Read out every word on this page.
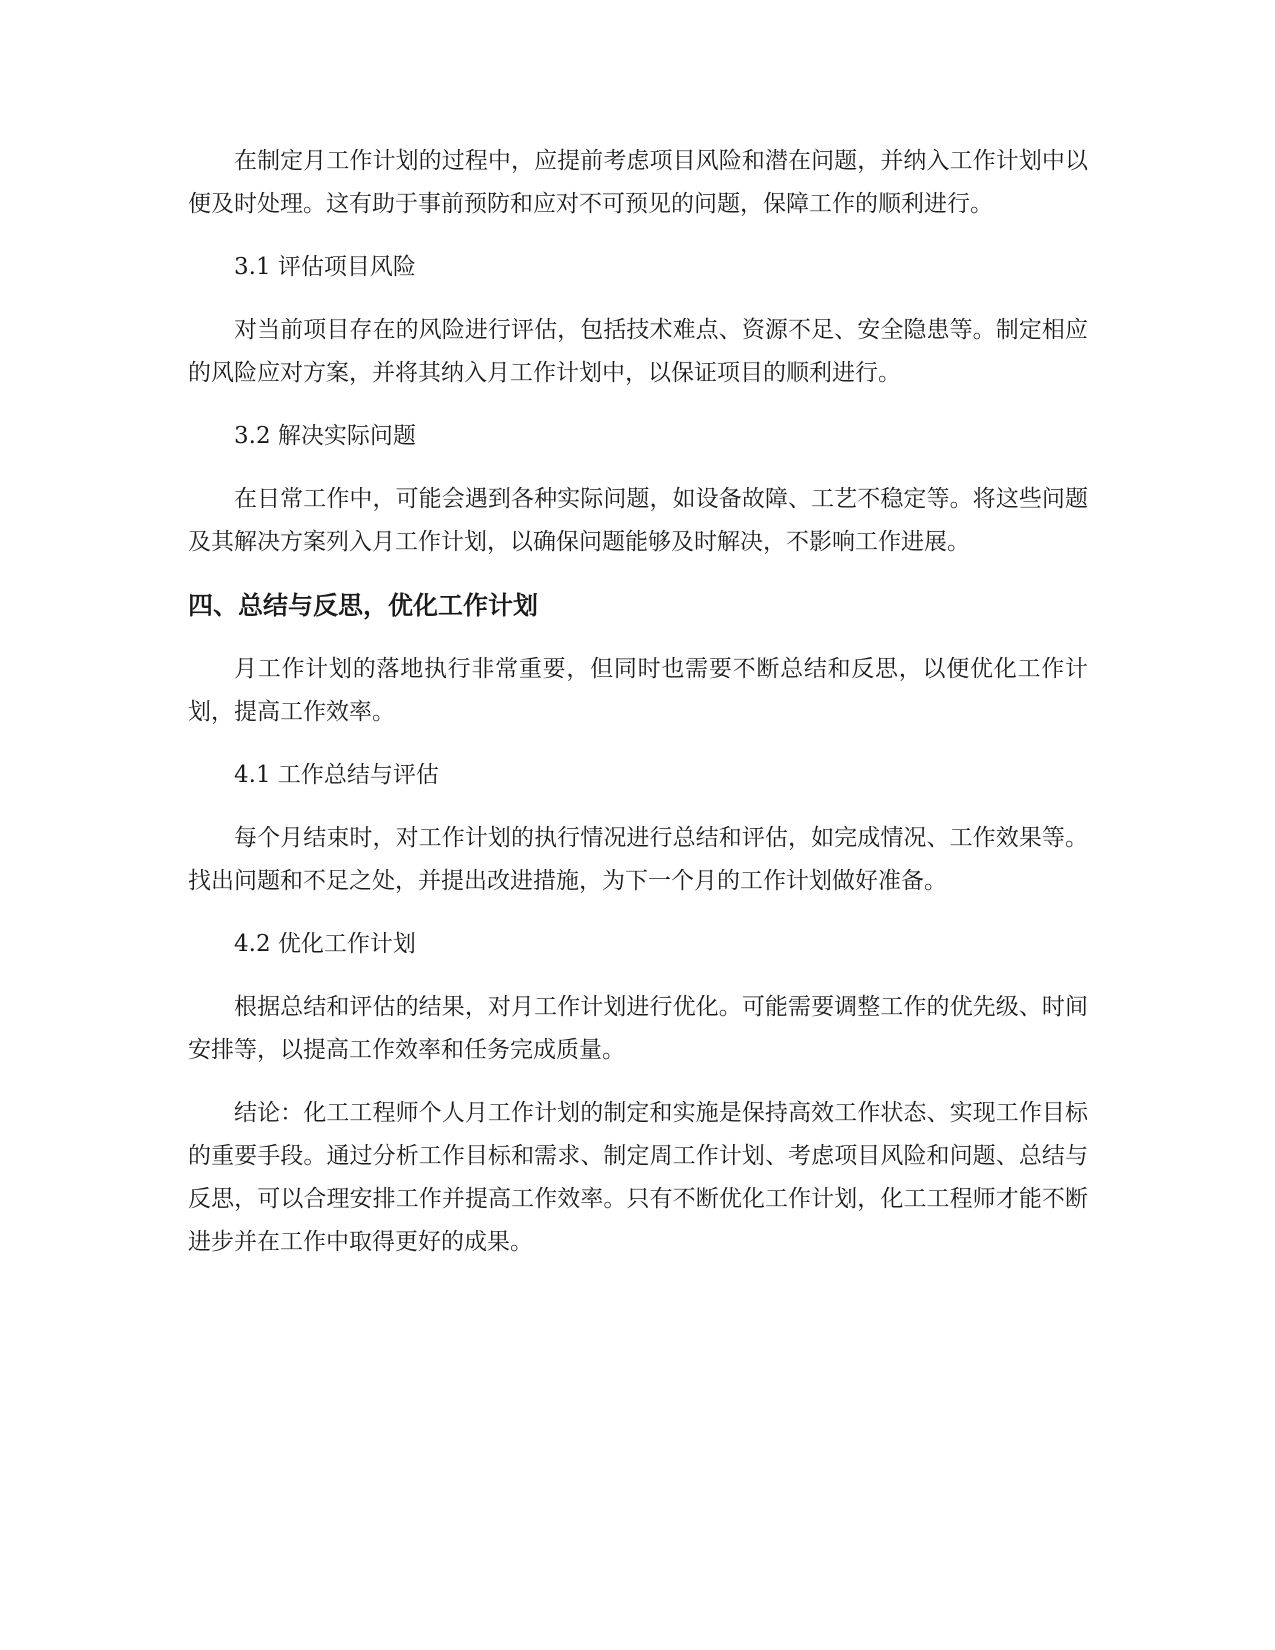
在制定月工作计划的过程中，应提前考虑项目风险和潜在问题，并纳入工作计划中以便及时处理。这有助于事前预防和应对不可预见的问题，保障工作的顺利进行。

3.1 评估项目风险

对当前项目存在的风险进行评估，包括技术难点、资源不足、安全隐患等。制定相应的风险应对方案，并将其纳入月工作计划中，以保证项目的顺利进行。

3.2 解决实际问题

在日常工作中，可能会遇到各种实际问题，如设备故障、工艺不稳定等。将这些问题及其解决方案列入月工作计划，以确保问题能够及时解决，不影响工作进展。

四、总结与反思，优化工作计划

月工作计划的落地执行非常重要，但同时也需要不断总结和反思，以便优化工作计划，提高工作效率。

4.1 工作总结与评估

每个月结束时，对工作计划的执行情况进行总结和评估，如完成情况、工作效果等。找出问题和不足之处，并提出改进措施，为下一个月的工作计划做好准备。

4.2 优化工作计划

根据总结和评估的结果，对月工作计划进行优化。可能需要调整工作的优先级、时间安排等，以提高工作效率和任务完成质量。

结论：化工工程师个人月工作计划的制定和实施是保持高效工作状态、实现工作目标的重要手段。通过分析工作目标和需求、制定周工作计划、考虑项目风险和问题、总结与反思，可以合理安排工作并提高工作效率。只有不断优化工作计划，化工工程师才能不断进步并在工作中取得更好的成果。
